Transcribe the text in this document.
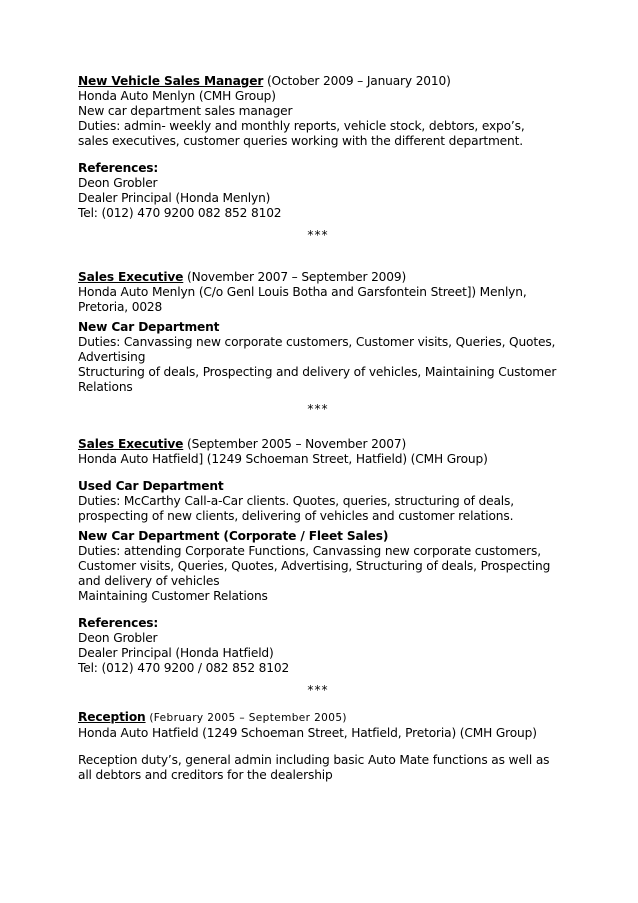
New Vehicle Sales Manager (October 2009 – January 2010)
Honda Auto Menlyn (CMH Group)
New car department sales manager
Duties: admin- weekly and monthly reports, vehicle stock, debtors, expo’s,
sales executives, customer queries working with the different department.
References:
Deon Grobler
Dealer Principal (Honda Menlyn)
Tel: (012) 470 9200 082 852 8102
***
Sales Executive (November 2007 – September 2009)
Honda Auto Menlyn (C/o Genl Louis Botha and Garsfontein Street]) Menlyn,
Pretoria, 0028
New Car Department
Duties: Canvassing new corporate customers, Customer visits, Queries, Quotes,
Advertising
Structuring of deals, Prospecting and delivery of vehicles, Maintaining Customer
Relations
***
Sales Executive (September 2005 – November 2007)
Honda Auto Hatfield] (1249 Schoeman Street, Hatfield) (CMH Group)
Used Car Department
Duties: McCarthy Call-a-Car clients. Quotes, queries, structuring of deals,
prospecting of new clients, delivering of vehicles and customer relations.
New Car Department (Corporate / Fleet Sales)
Duties: attending Corporate Functions, Canvassing new corporate customers,
Customer visits, Queries, Quotes, Advertising, Structuring of deals, Prospecting
and delivery of vehicles
Maintaining Customer Relations
References:
Deon Grobler
Dealer Principal (Honda Hatfield)
Tel: (012) 470 9200 / 082 852 8102
***
Reception (February 2005 – September 2005)
Honda Auto Hatfield (1249 Schoeman Street, Hatfield, Pretoria) (CMH Group)
Reception duty’s, general admin including basic Auto Mate functions as well as
all debtors and creditors for the dealership
